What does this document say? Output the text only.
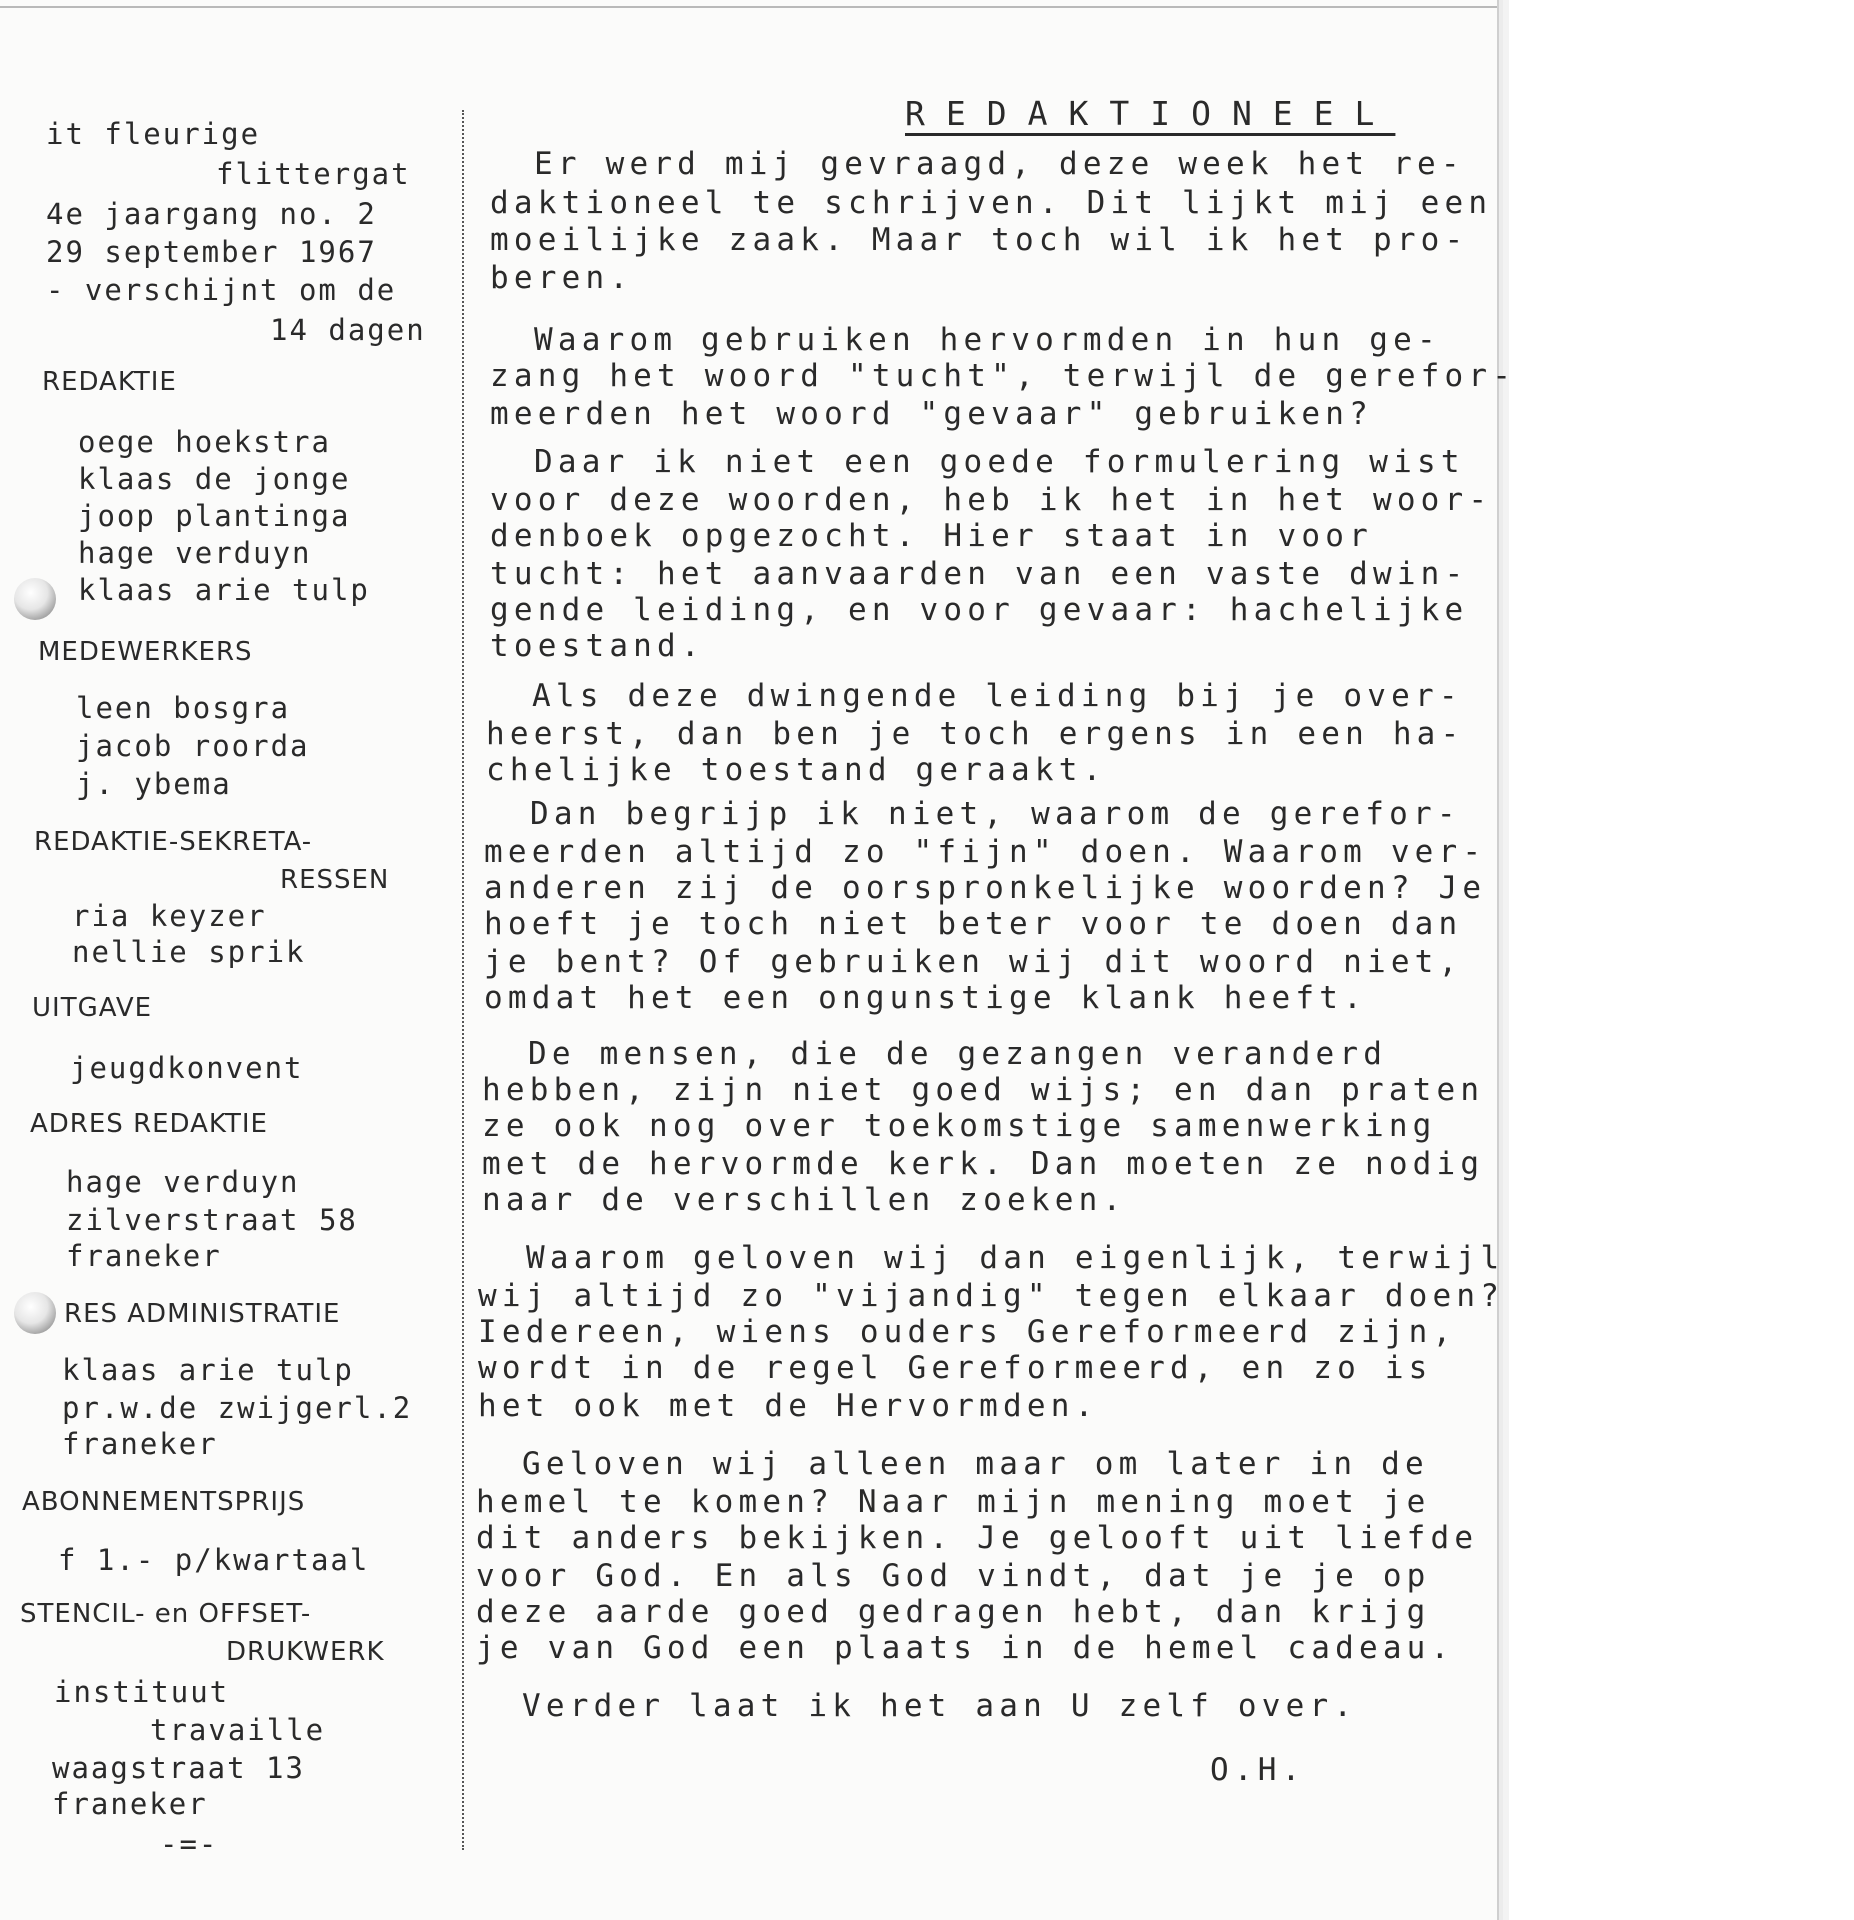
it fleurige
flittergat
4e jaargang no. 2
29 september 1967
- verschijnt om de
14 dagen
REDAKTIE
oege hoekstra
klaas de jonge
joop plantinga
hage verduyn
klaas arie tulp
MEDEWERKERS
leen bosgra
jacob roorda
j. ybema
REDAKTIE-SEKRETA-
RESSEN
ria keyzer
nellie sprik
UITGAVE
jeugdkonvent
ADRES REDAKTIE
hage verduyn
zilverstraat 58
franeker
RES ADMINISTRATIE
klaas arie tulp
pr.w.de zwijgerl.2
franeker
ABONNEMENTSPRIJS
f 1.- p/kwartaal
STENCIL- en OFFSET-
DRUKWERK
instituut
travaille
waagstraat 13
franeker
-=-
REDAKTIONEEL
Er werd mij gevraagd, deze week het re-
daktioneel te schrijven. Dit lijkt mij een
moeilijke zaak. Maar toch wil ik het pro-
beren.
Waarom gebruiken hervormden in hun ge-
zang het woord "tucht", terwijl de gerefor-
meerden het woord "gevaar" gebruiken?
Daar ik niet een goede formulering wist
voor deze woorden, heb ik het in het woor-
denboek opgezocht. Hier staat in voor
tucht: het aanvaarden van een vaste dwin-
gende leiding, en voor gevaar: hachelijke
toestand.
Als deze dwingende leiding bij je over-
heerst, dan ben je toch ergens in een ha-
chelijke toestand geraakt.
Dan begrijp ik niet, waarom de gerefor-
meerden altijd zo "fijn" doen. Waarom ver-
anderen zij de oorspronkelijke woorden? Je
hoeft je toch niet beter voor te doen dan
je bent? Of gebruiken wij dit woord niet,
omdat het een ongunstige klank heeft.
De mensen, die de gezangen veranderd
hebben, zijn niet goed wijs; en dan praten
ze ook nog over toekomstige samenwerking
met de hervormde kerk. Dan moeten ze nodig
naar de verschillen zoeken.
Waarom geloven wij dan eigenlijk, terwijl
wij altijd zo "vijandig" tegen elkaar doen?
Iedereen, wiens ouders Gereformeerd zijn,
wordt in de regel Gereformeerd, en zo is
het ook met de Hervormden.
Geloven wij alleen maar om later in de
hemel te komen? Naar mijn mening moet je
dit anders bekijken. Je gelooft uit liefde
voor God. En als God vindt, dat je je op
deze aarde goed gedragen hebt, dan krijg
je van God een plaats in de hemel cadeau.
Verder laat ik het aan U zelf over.
O.H.
